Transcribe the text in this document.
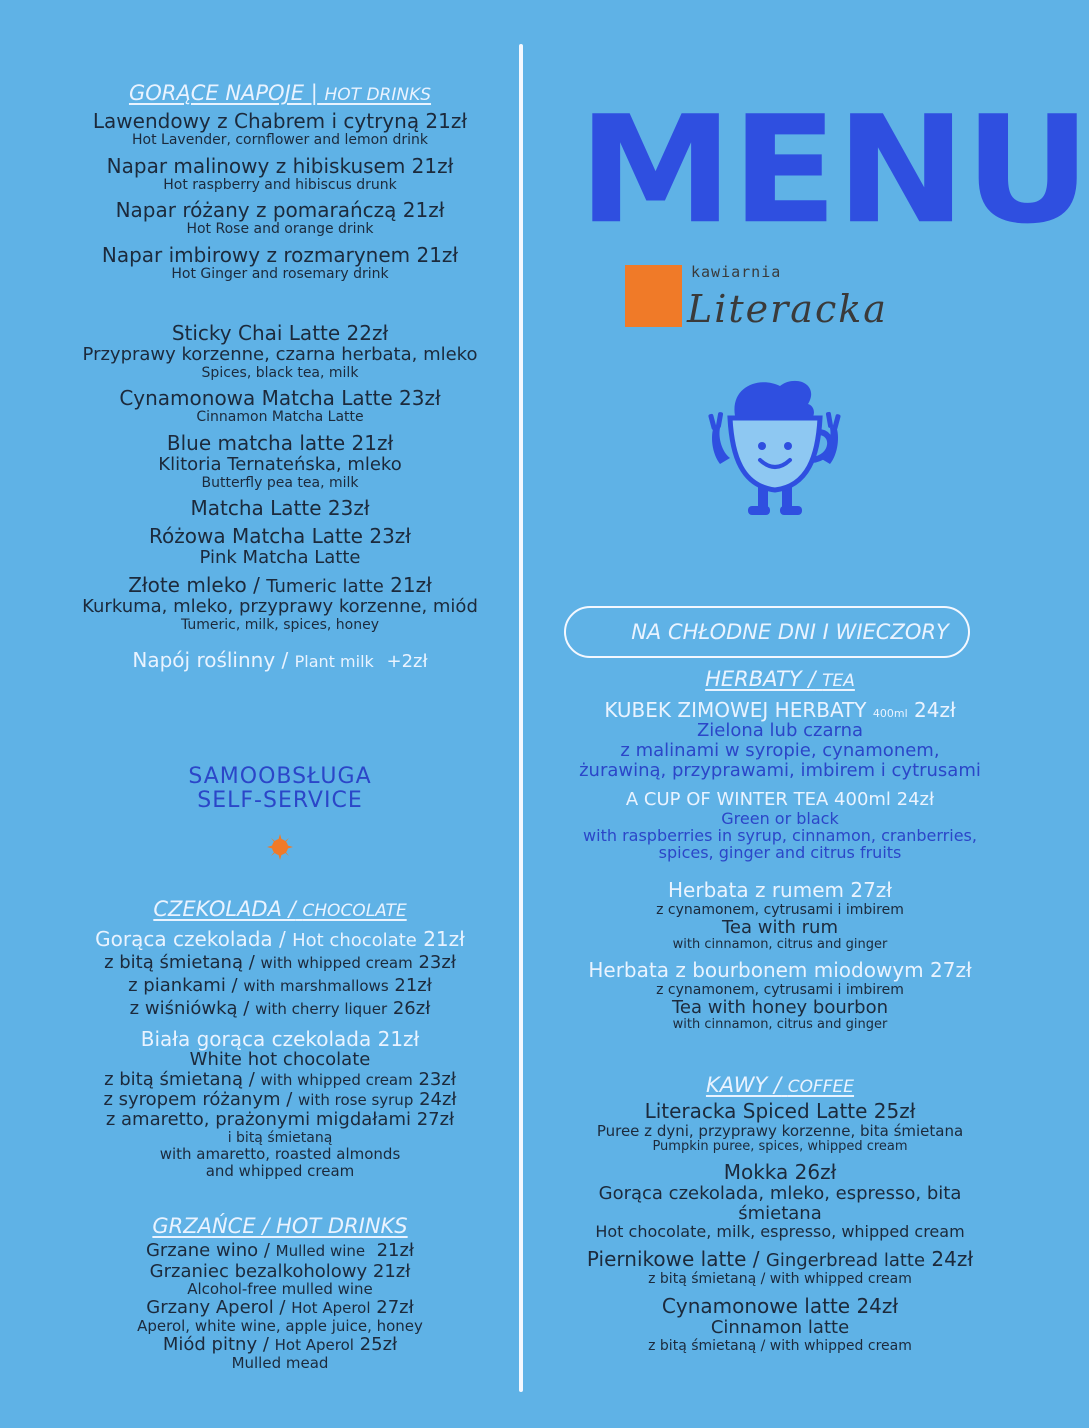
GORĄCE NAPOJE | HOT DRINKS
Lawendowy z Chabrem i cytryną 21zł
Hot Lavender, cornflower and lemon drink
Napar malinowy z hibiskusem 21zł
Hot raspberry and hibiscus drunk
Napar różany z pomarańczą 21zł
Hot Rose and orange drink
Napar imbirowy z rozmarynem 21zł
Hot Ginger and rosemary drink
Sticky Chai Latte 22zł
Przyprawy korzenne, czarna herbata, mleko
Spices, black tea, milk
Cynamonowa Matcha Latte 23zł
Cinnamon Matcha Latte
Blue matcha latte 21zł
Klitoria Ternateńska, mleko
Butterfly pea tea, milk
Matcha Latte 23zł
Różowa Matcha Latte 23zł
Pink Matcha Latte
Złote mleko / Tumeric latte 21zł
Kurkuma, mleko, przyprawy korzenne, miód
Tumeric, milk, spices, honey
Napój roślinny / Plant milk +2zł
SAMOOBSŁUGA
SELF-SERVICE
CZEKOLADA / CHOCOLATE
Gorąca czekolada / Hot chocolate 21zł
z bitą śmietaną / with whipped cream 23zł
z piankami / with marshmallows 21zł
z wiśniówką / with cherry liquer 26zł
Biała gorąca czekolada 21zł
White hot chocolate
z bitą śmietaną / with whipped cream 23zł
z syropem różanym / with rose syrup 24zł
z amaretto, prażonymi migdałami 27zł
i bitą śmietaną
with amaretto, roasted almonds
and whipped cream
GRZAŃCE / HOT DRINKS
Grzane wino / Mulled wine 21zł
Grzaniec bezalkoholowy 21zł
Alcohol-free mulled wine
Grzany Aperol / Hot Aperol 27zł
Aperol, white wine, apple juice, honey
Miód pitny / Hot Aperol 25zł
Mulled mead
MENU
kawiarnia
Literacka
NA CHŁODNE DNI I WIECZORY
HERBATY / TEA
KUBEK ZIMOWEJ HERBATY 400ml 24zł
Zielona lub czarna
z malinami w syropie, cynamonem,
żurawiną, przyprawami, imbirem i cytrusami
A CUP OF WINTER TEA 400ml 24zł
Green or black
with raspberries in syrup, cinnamon, cranberries,
spices, ginger and citrus fruits
Herbata z rumem 27zł
z cynamonem, cytrusami i imbirem
Tea with rum
with cinnamon, citrus and ginger
Herbata z bourbonem miodowym 27zł
z cynamonem, cytrusami i imbirem
Tea with honey bourbon
with cinnamon, citrus and ginger
KAWY / COFFEE
Literacka Spiced Latte 25zł
Puree z dyni, przyprawy korzenne, bita śmietana
Pumpkin puree, spices, whipped cream
Mokka 26zł
Gorąca czekolada, mleko, espresso, bita
śmietana
Hot chocolate, milk, espresso, whipped cream
Piernikowe latte / Gingerbread latte 24zł
z bitą śmietaną / with whipped cream
Cynamonowe latte 24zł
Cinnamon latte
z bitą śmietaną / with whipped cream
